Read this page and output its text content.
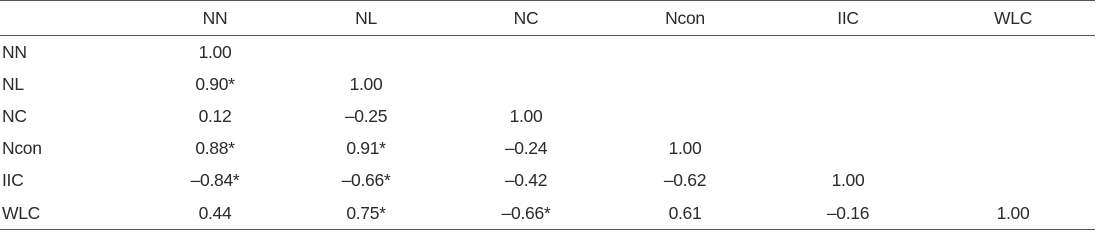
	NN	NL	NC	Ncon	IIC	WLC
NN	1.00					
NL	0.90*	1.00				
NC	0.12	–0.25	1.00			
Ncon	0.88*	0.91*	–0.24	1.00		
IIC	–0.84*	–0.66*	–0.42	–0.62	1.00	
WLC	0.44	0.75*	–0.66*	0.61	–0.16	1.00
